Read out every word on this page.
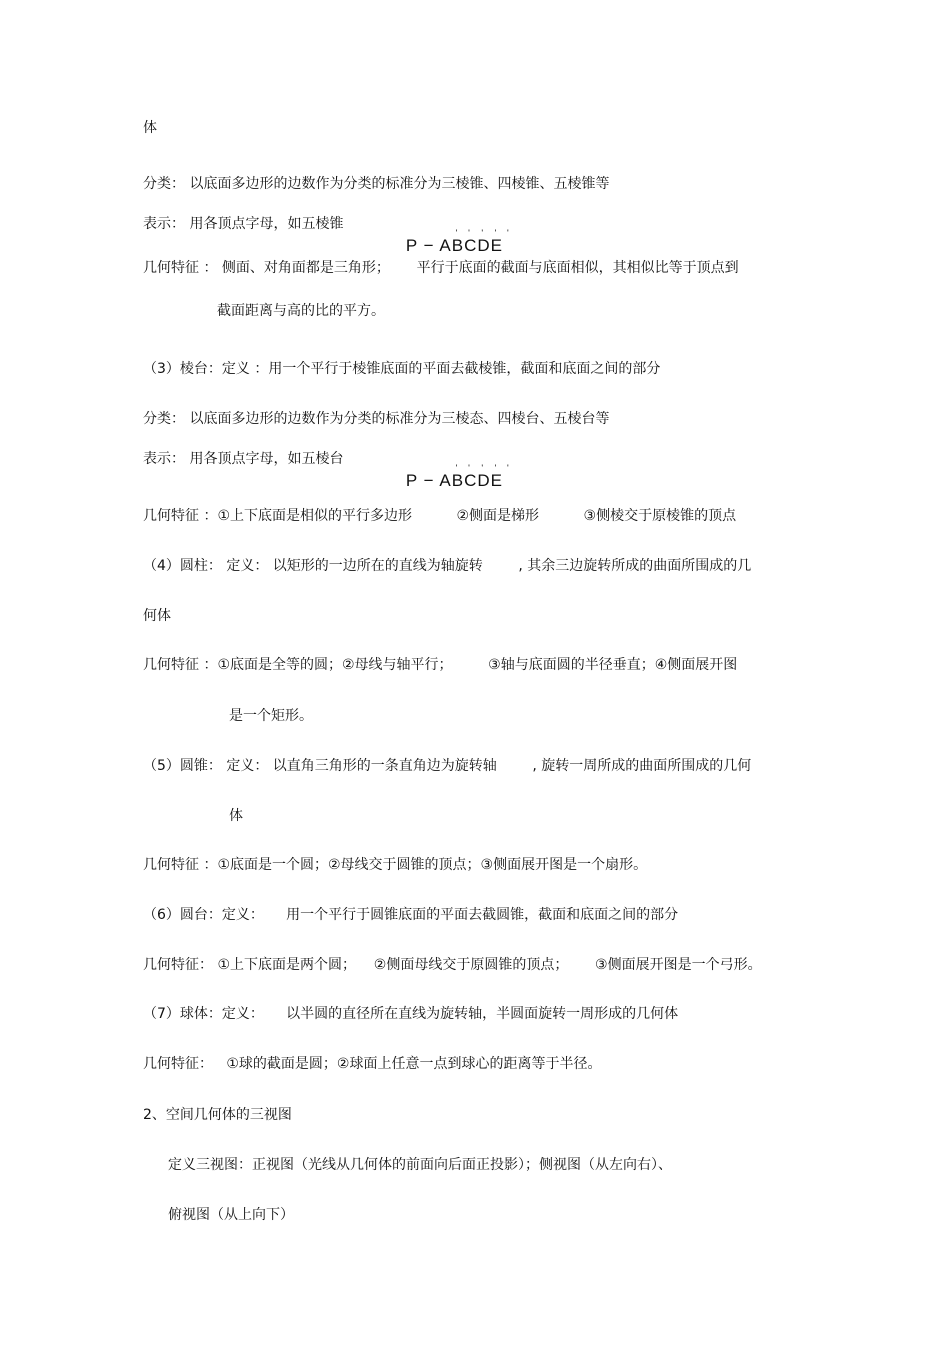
体
分类： 以底面多边形的边数作为分类的标准分为三棱锥、四棱锥、五棱锥等
表示： 用各顶点字母，如五棱锥

P − A
'
B
'
C
'
D
'
E
'

几何特征 ： 侧面、对角面都是三角形；      平行于底面的截面与底面相似，其相似比等于顶点到
截面距离与高的比的平方。
（3）棱台：定义 ：用一个平行于棱锥底面的平面去截棱锥，截面和底面之间的部分
分类： 以底面多边形的边数作为分类的标准分为三棱态、四棱台、五棱台等
表示： 用各顶点字母，如五棱台

P − A
'
B
'
C
'
D
'
E
'

几何特征 ：①上下底面是相似的平行多边形          ②侧面是梯形          ③侧棱交于原棱锥的顶点
（4）圆柱： 定义： 以矩形的一边所在的直线为轴旋转        , 其余三边旋转所成的曲面所围成的几
何体
几何特征 ：①底面是全等的圆；②母线与轴平行；        ③轴与底面圆的半径垂直；④侧面展开图
是一个矩形。
（5）圆锥： 定义： 以直角三角形的一条直角边为旋转轴        , 旋转一周所成的曲面所围成的几何
体
几何特征 ：①底面是一个圆；②母线交于圆锥的顶点；③侧面展开图是一个扇形。
（6）圆台：定义：     用一个平行于圆锥底面的平面去截圆锥，截面和底面之间的部分
几何特征： ①上下底面是两个圆；    ②侧面母线交于原圆锥的顶点；      ③侧面展开图是一个弓形。
（7）球体：定义：     以半圆的直径所在直线为旋转轴，半圆面旋转一周形成的几何体
几何特征：   ①球的截面是圆；②球面上任意一点到球心的距离等于半径。
2、空间几何体的三视图
定义三视图：正视图（光线从几何体的前面向后面正投影）；侧视图（从左向右）、
俯视图（从上向下）
